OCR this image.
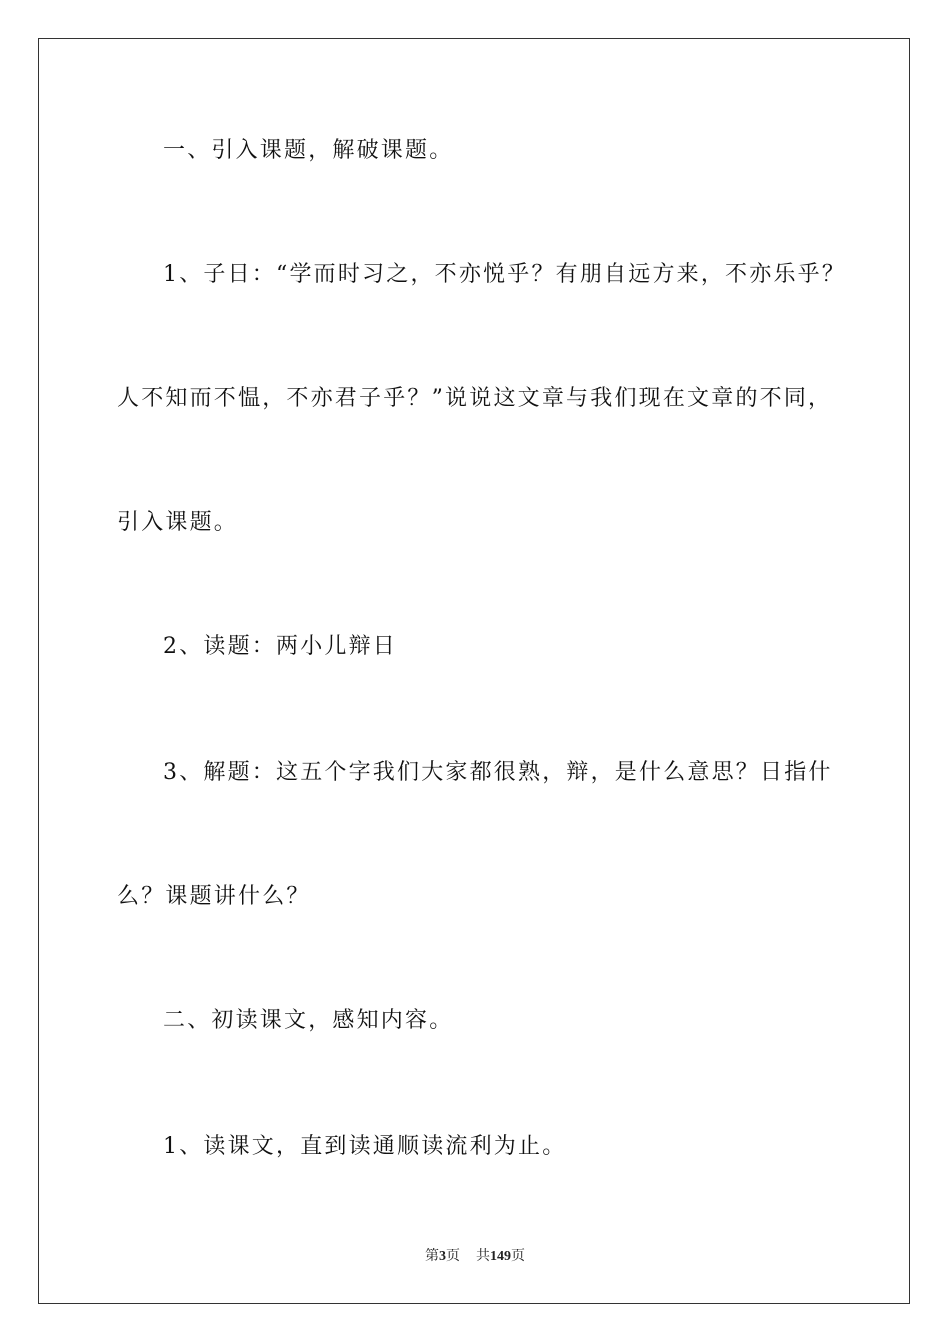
一、引入课题，解破课题。
1、子日：“学而时习之，不亦悦乎？有朋自远方来，不亦乐乎？
人不知而不愠，不亦君子乎？”说说这文章与我们现在文章的不同，
引入课题。
2、读题：两小儿辩日
3、解题：这五个字我们大家都很熟，辩，是什么意思？日指什
么？课题讲什么？
二、初读课文，感知内容。
1、读课文，直到读通顺读流利为止。
第3页 共149页
